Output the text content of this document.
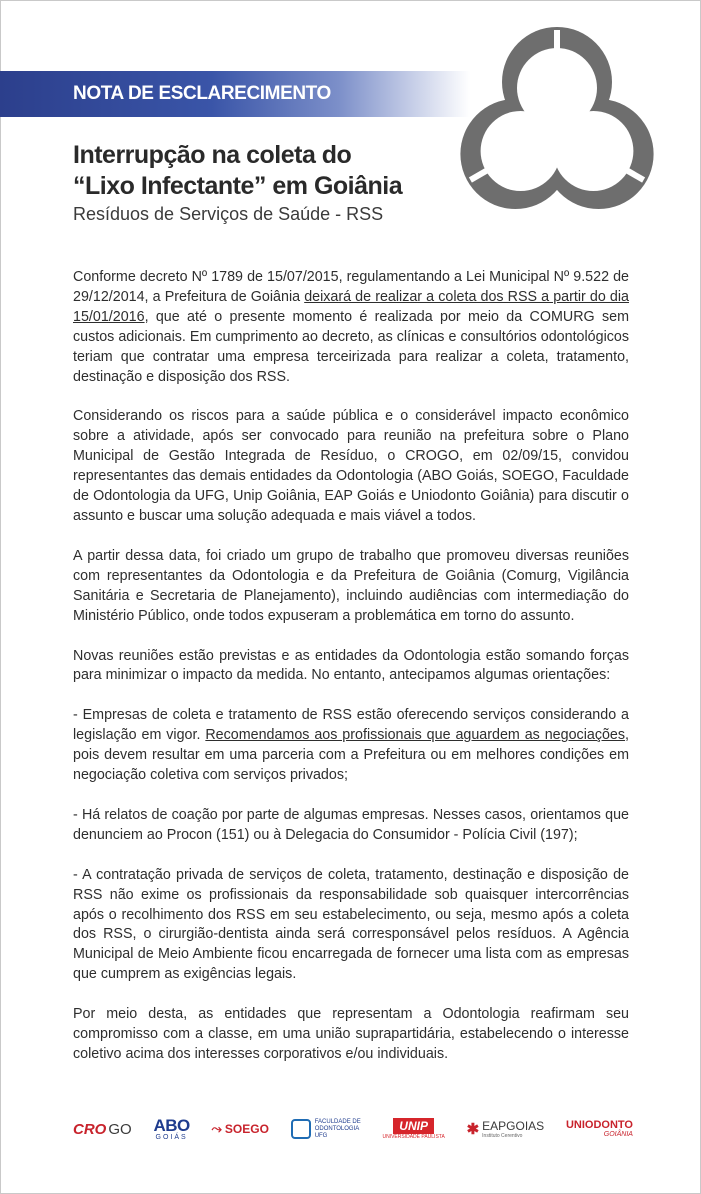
NOTA DE ESCLARECIMENTO
Interrupção na coleta do
“Lixo Infectante” em Goiânia
Resíduos de Serviços de Saúde - RSS

Conforme decreto Nº 1789 de 15/07/2015, regulamentando a Lei Municipal Nº 9.522 de 29/12/2014, a Prefeitura de Goiânia deixará de realizar a coleta dos RSS a partir do dia 15/01/2016, que até o presente momento é realizada por meio da COMURG sem custos adicionais. Em cumprimento ao decreto, as clínicas e consultórios odontológicos teriam que contratar uma empresa terceirizada para realizar a coleta, tratamento, destinação e disposição dos RSS.

Considerando os riscos para a saúde pública e o considerável impacto econômico sobre a atividade, após ser convocado para reunião na prefeitura sobre o Plano Municipal de Gestão Integrada de Resíduo, o CROGO, em 02/09/15, convidou representantes das demais entidades da Odontologia (ABO Goiás, SOEGO, Faculdade de Odontologia da UFG, Unip Goiânia, EAP Goiás e Uniodonto Goiânia) para discutir o assunto e buscar uma solução adequada e mais viável a todos.

A partir dessa data, foi criado um grupo de trabalho que promoveu diversas reuniões com representantes da Odontologia e da Prefeitura de Goiânia (Comurg, Vigilância Sanitária e Secretaria de Planejamento), incluindo audiências com intermediação do Ministério Público, onde todos expuseram a problemática em torno do assunto.

Novas reuniões estão previstas e as entidades da Odontologia estão somando forças para minimizar o impacto da medida. No entanto, antecipamos algumas orientações:

- Empresas de coleta e tratamento de RSS estão oferecendo serviços considerando a legislação em vigor. Recomendamos aos profissionais que aguardem as negociações, pois devem resultar em uma parceria com a Prefeitura ou em melhores condições em negociação coletiva com serviços privados;

- Há relatos de coação por parte de algumas empresas. Nesses casos, orientamos que denunciem ao Procon (151) ou à Delegacia do Consumidor - Polícia Civil (197);

- A contratação privada de serviços de coleta, tratamento, destinação e disposição de RSS não exime os profissionais da responsabilidade sob quaisquer intercorrências após o recolhimento dos RSS em seu estabelecimento, ou seja, mesmo após a coleta dos RSS, o cirurgião-dentista ainda será corresponsável pelos resíduos. A Agência Municipal de Meio Ambiente ficou encarregada de fornecer uma lista com as empresas que cumprem as exigências legais.

Por meio desta, as entidades que representam a Odontologia reafirmam seu compromisso com a classe, em uma união suprapartidária, estabelecendo o interesse coletivo acima dos interesses corporativos e/ou individuais.

CRO GO ABO
GOIÁS
⤳ SOEGO
FACULDADE DE
ODONTOLOGIA
UFG
UNIP
UNIVERSIDADE PAULISTA ✱ EAPGOIAS
Instituto Cerentivo
UNIODONTO
GOIÂNIA
